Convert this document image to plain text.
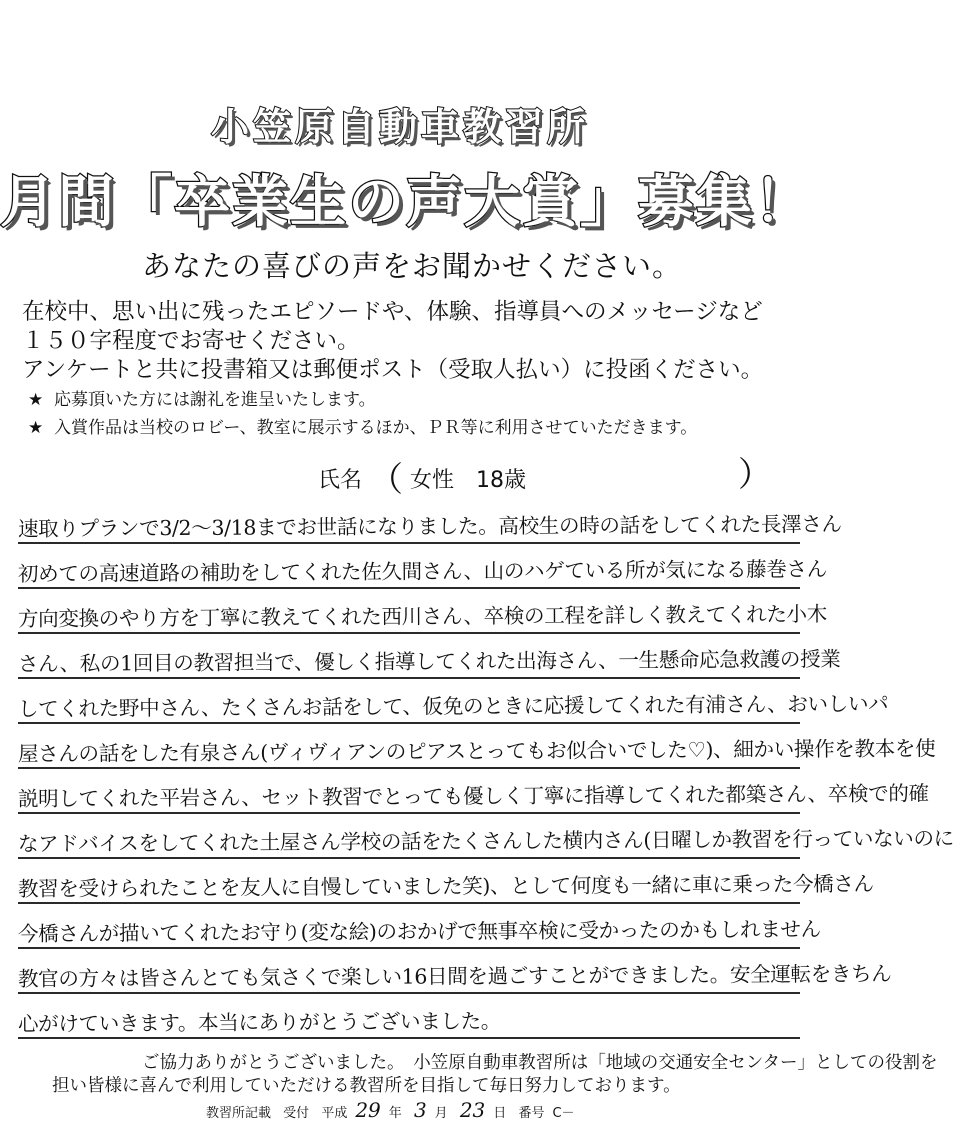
小笠原自動車教習所
月間「卒業生の声大賞」募集！
あなたの喜びの声をお聞かせください。
在校中、思い出に残ったエピソードや、体験、指導員へのメッセージなど
１５０字程度でお寄せください。
アンケートと共に投書箱又は郵便ポスト（受取人払い）に投函ください。
★ 応募頂いた方には謝礼を進呈いたします。
★ 入賞作品は当校のロビー、教室に展示するほか、ＰＲ等に利用させていただきます。
氏名 （ 女性　18歳	）
速取りプランで3/2～3/18までお世話になりました。高校生の時の話をしてくれた長澤さん
初めての高速道路の補助をしてくれた佐久間さん、山のハゲている所が気になる藤巻さん
方向変換のやり方を丁寧に教えてくれた西川さん、卒検の工程を詳しく教えてくれた小木
さん、私の1回目の教習担当で、優しく指導してくれた出海さん、一生懸命応急救護の授業
してくれた野中さん、たくさんお話をして、仮免のときに応援してくれた有浦さん、おいしいパ
屋さんの話をした有泉さん(ヴィヴィアンのピアスとってもお似合いでした♡)、細かい操作を教本を使
説明してくれた平岩さん、セット教習でとっても優しく丁寧に指導してくれた都築さん、卒検で的確
なアドバイスをしてくれた土屋さん学校の話をたくさんした横内さん(日曜しか教習を行っていないのに
教習を受けられたことを友人に自慢していました笑)、として何度も一緒に車に乗った今橋さん
今橋さんが描いてくれたお守り(変な絵)のおかげで無事卒検に受かったのかもしれません
教官の方々は皆さんとても気さくで楽しい16日間を過ごすことができました。安全運転をきちん
心がけていきます。本当にありがとうございました。
ご協力ありがとうございました。　小笠原自動車教習所は「地域の交通安全センター」としての役割を
担い皆様に喜んで利用していただける教習所を目指して毎日努力しております。
教習所記載 受付 平成 29 年 3 月 23 日 番号 C－
